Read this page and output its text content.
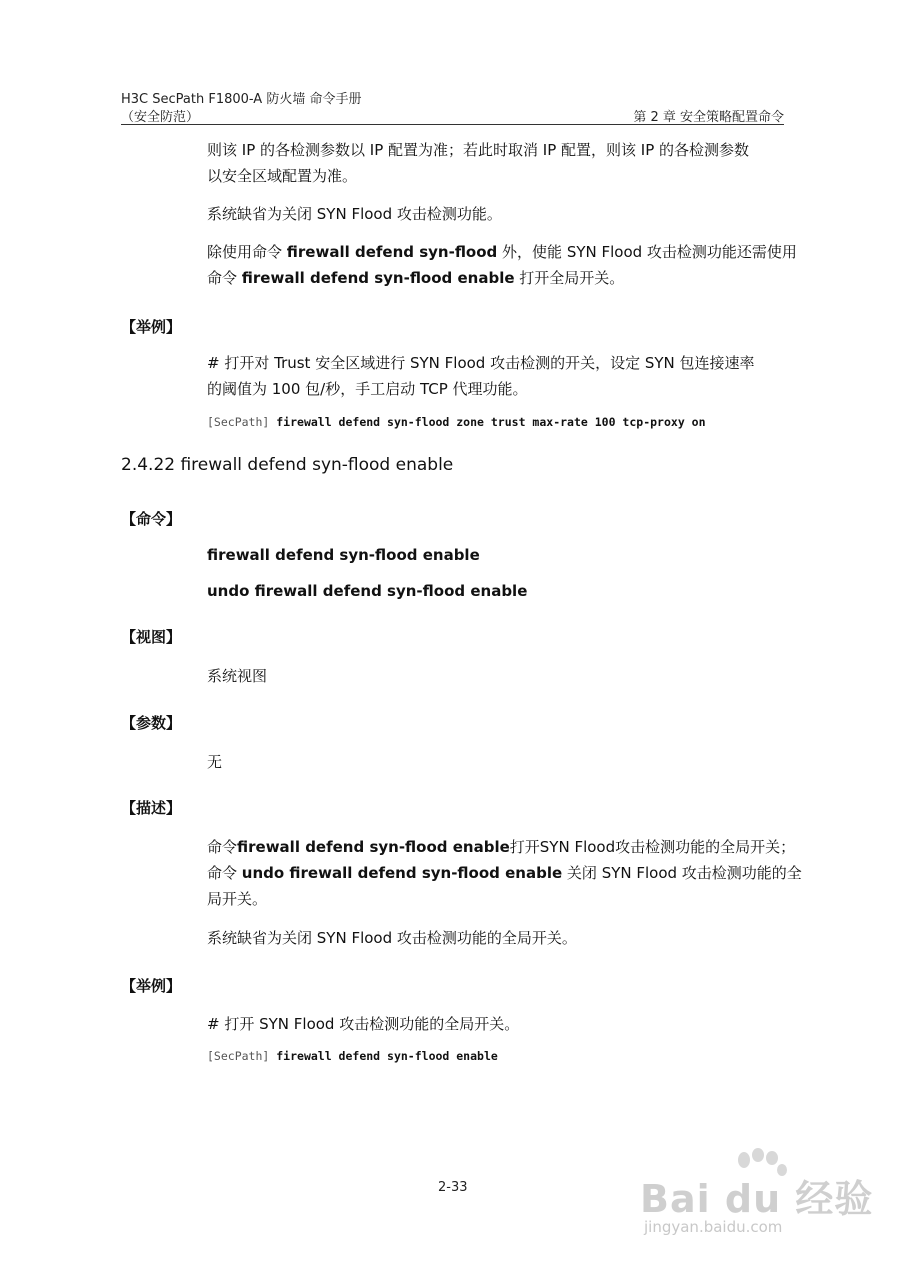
H3C SecPath F1800-A 防火墙 命令手册
（安全防范）	第 2 章 安全策略配置命令
则该 IP 的各检测参数以 IP 配置为准；若此时取消 IP 配置，则该 IP 的各检测参数
以安全区域配置为准。
系统缺省为关闭 SYN Flood 攻击检测功能。
除使用命令 firewall defend syn-flood 外，使能 SYN Flood 攻击检测功能还需使用
命令 firewall defend syn-flood enable 打开全局开关。
【举例】
# 打开对 Trust 安全区域进行 SYN Flood 攻击检测的开关，设定 SYN 包连接速率
的阈值为 100 包/秒，手工启动 TCP 代理功能。
[SecPath] firewall defend syn-flood zone trust max-rate 100 tcp-proxy on
2.4.22 firewall defend syn-flood enable
【命令】
firewall defend syn-flood enable
undo firewall defend syn-flood enable
【视图】
系统视图
【参数】
无
【描述】
命令firewall defend syn-flood enable打开SYN Flood攻击检测功能的全局开关；
命令 undo firewall defend syn-flood enable 关闭 SYN Flood 攻击检测功能的全
局开关。
系统缺省为关闭 SYN Flood 攻击检测功能的全局开关。
【举例】
# 打开 SYN Flood 攻击检测功能的全局开关。
[SecPath] firewall defend syn-flood enable
2-33	Bai du 经验
jingyan.baidu.com
